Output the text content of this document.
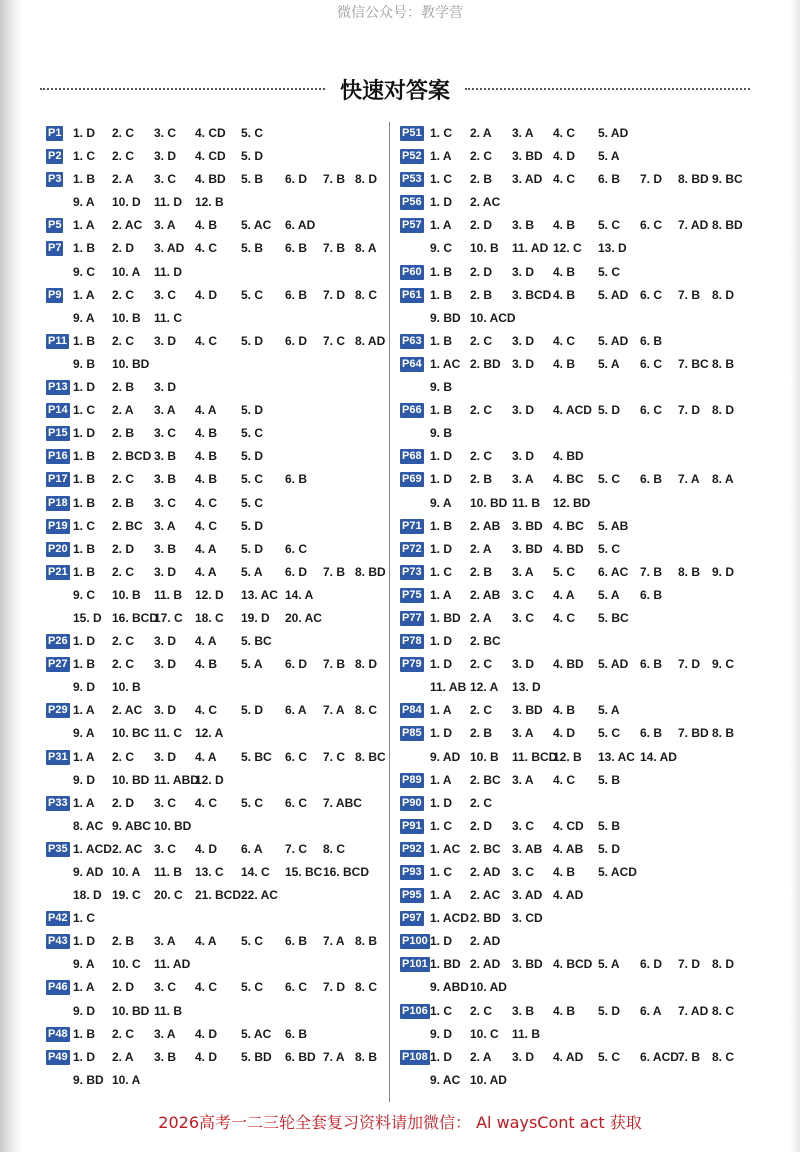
微信公众号：教学营
快速对答案
P1 1. D 2. C 3. C 4. CD 5. C
P2 1. C 2. C 3. D 4. CD 5. D
P3 1. B 2. A 3. C 4. BD 5. B 6. D 7. B 8. D
9. A 10. D 11. D 12. B
P5 1. A 2. AC 3. A 4. B 5. AC 6. AD
P7 1. B 2. D 3. AD 4. C 5. B 6. B 7. B 8. A
9. C 10. A 11. D
P9 1. A 2. C 3. C 4. D 5. C 6. B 7. D 8. C
9. A 10. B 11. C
P11 1. B 2. C 3. D 4. C 5. D 6. D 7. C 8. AD
9. B 10. BD
P13 1. D 2. B 3. D
P14 1. C 2. A 3. A 4. A 5. D
P15 1. D 2. B 3. C 4. B 5. C
P16 1. B 2. BCD 3. B 4. B 5. D
P17 1. B 2. C 3. B 4. B 5. C 6. B
P18 1. B 2. B 3. C 4. C 5. C
P19 1. C 2. BC 3. A 4. C 5. D
P20 1. B 2. D 3. B 4. A 5. D 6. C
P21 1. B 2. C 3. D 4. A 5. A 6. D 7. B 8. BD
9. C 10. B 11. B 12. D 13. AC 14. A
15. D 16. BCD
17. C 18. C 19. D 20. AC
P26 1. D 2. C 3. D 4. A 5. BC
P27 1. B 2. C 3. D 4. B 5. A 6. D 7. B 8. D
9. D 10. B
P29 1. A 2. AC 3. D 4. C 5. D 6. A 7. A 8. C
9. A 10. BC 11. C 12. A
P31 1. A 2. C 3. D 4. A 5. BC 6. C 7. C 8. BC
9. D 10. BD 11. ABD
12. D
P33 1. A 2. D 3. C 4. C 5. C 6. C 7. ABC
8. AC 9. ABC 10. BD
P35 1. ACD 2. AC 3. C 4. D 6. A 7. C 8. C
9. AD 10. A 11. B 13. C 14. C 15. BC 16. BCD
18. D 19. C 20. C 21. BCD 22. AC
P42 1. C
P43 1. D 2. B 3. A 4. A 5. C 6. B 7. A 8. B
9. A 10. C 11. AD
P46 1. A 2. D 3. C 4. C 5. C 6. C 7. D 8. C
9. D 10. BD 11. B
P48 1. B 2. C 3. A 4. D 5. AC 6. B
P49 1. D 2. A 3. B 4. D 5. BD 6. BD 7. A 8. B
9. BD 10. A
P51 1. C 2. A 3. A 4. C 5. AD
P52 1. A 2. C 3. BD 4. D 5. A
P53 1. C 2. B 3. AD 4. C 6. B 7. D 8. BD 9. BC
P56 1. D 2. AC
P57 1. A 2. D 3. B 4. B 5. C 6. C 7. AD 8. BD
9. C 10. B 11. AD 12. C 13. D
P60 1. B 2. D 3. D 4. B 5. C
P61 1. B 2. B 3. BCD 4. B 5. AD 6. C 7. B 8. D
9. BD 10. ACD
P63 1. B 2. C 3. D 4. C 5. AD 6. B
P64 1. AC 2. BD 3. D 4. B 5. A 6. C 7. BC 8. B
9. B
P66 1. B 2. C 3. D 4. ACD 5. D 6. C 7. D 8. D
9. B
P68 1. D 2. C 3. D 4. BD
P69 1. D 2. B 3. A 4. BC 5. C 6. B 7. A 8. A
9. A 10. BD 11. B 12. BD
P71 1. B 2. AB 3. BD 4. BC 5. AB
P72 1. D 2. A 3. BD 4. BD 5. C
P73 1. C 2. B 3. A 5. C 6. AC 7. B 8. B 9. D
P75 1. A 2. AB 3. C 4. A 5. A 6. B
P77 1. BD 2. A 3. C 4. C 5. BC
P78 1. D 2. BC
P79 1. D 2. C 3. D 4. BD 5. AD 6. B 7. D 9. C
11. AB 12. A 13. D
P84 1. A 2. C 3. BD 4. B 5. A
P85 1. D 2. B 3. A 4. D 5. C 6. B 7. BD 8. B
9. AD 10. B 11. BCD
12. B 13. AC 14. AD
P89 1. A 2. BC 3. A 4. C 5. B
P90 1. D 2. C
P91 1. C 2. D 3. C 4. CD 5. B
P92 1. AC 2. BC 3. AB 4. AB 5. D
P93 1. C 2. AD 3. C 4. B 5. ACD
P95 1. A 2. AC 3. AD 4. AD
P97 1. ACD 2. BD 3. CD
P100 1. D 2. AD
P101 1. BD 2. AD 3. BD 4. BCD 5. A 6. D 7. D 8. D
9. ABD 10. AD
P106 1. C 2. C 3. B 4. B 5. D 6. A 7. AD 8. C
9. D 10. C 11. B
P108 1. D 2. A 3. D 4. AD 5. C 6. ACD 7. B 8. C
9. AC 10. AD
2026高考一二三轮全套复习资料请加微信： Al waysCont act 获取
